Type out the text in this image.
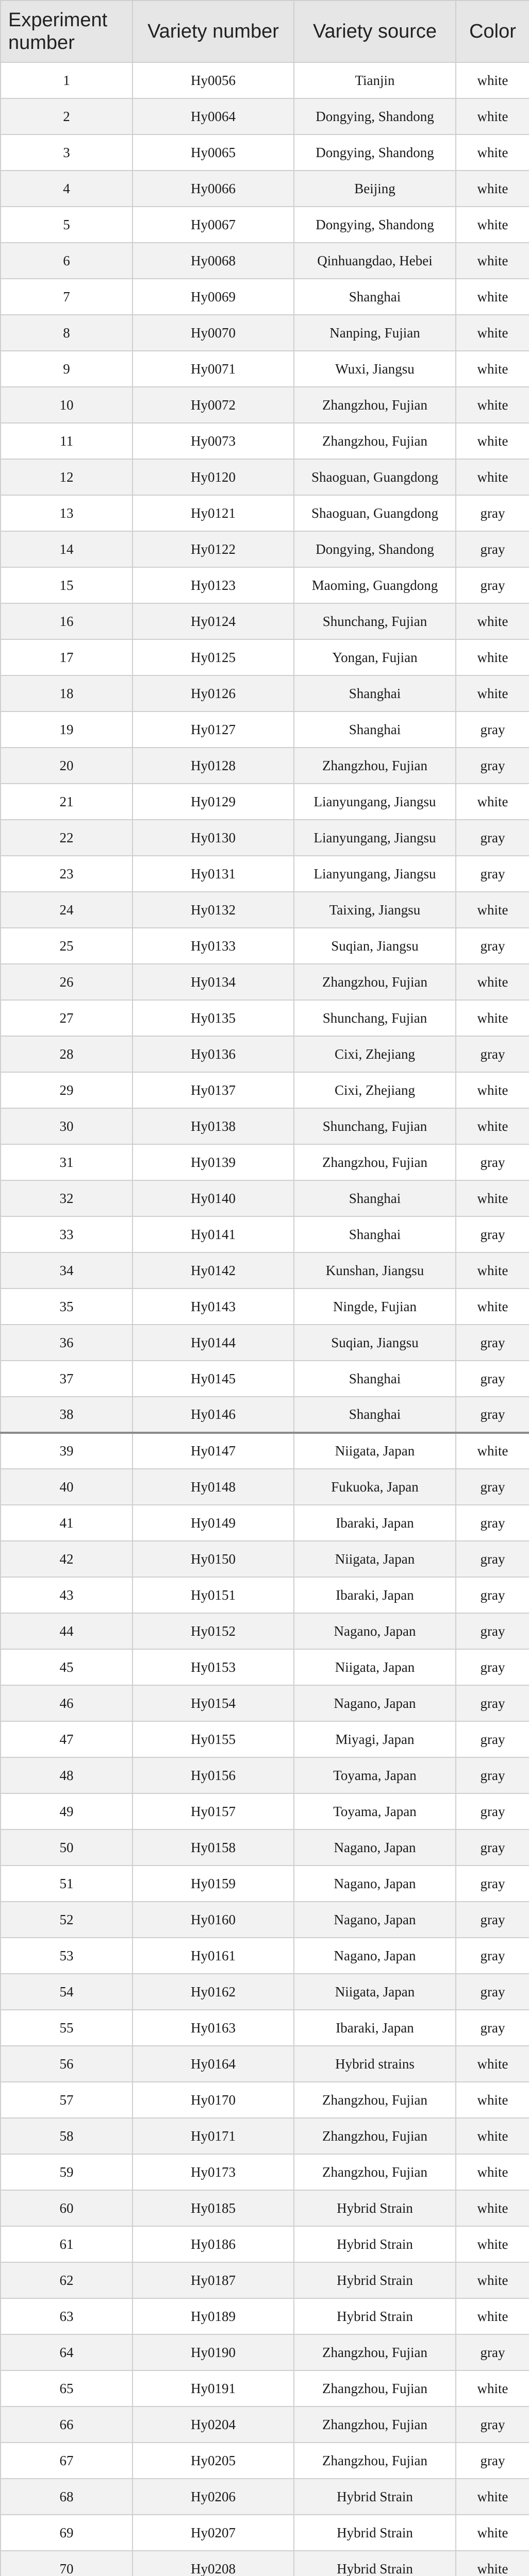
Experiment number	Variety number	Variety source	Color
1	Hy0056	Tianjin	white
2	Hy0064	Dongying, Shandong	white
3	Hy0065	Dongying, Shandong	white
4	Hy0066	Beijing	white
5	Hy0067	Dongying, Shandong	white
6	Hy0068	Qinhuangdao, Hebei	white
7	Hy0069	Shanghai	white
8	Hy0070	Nanping, Fujian	white
9	Hy0071	Wuxi, Jiangsu	white
10	Hy0072	Zhangzhou, Fujian	white
11	Hy0073	Zhangzhou, Fujian	white
12	Hy0120	Shaoguan, Guangdong	white
13	Hy0121	Shaoguan, Guangdong	gray
14	Hy0122	Dongying, Shandong	gray
15	Hy0123	Maoming, Guangdong	gray
16	Hy0124	Shunchang, Fujian	white
17	Hy0125	Yongan, Fujian	white
18	Hy0126	Shanghai	white
19	Hy0127	Shanghai	gray
20	Hy0128	Zhangzhou, Fujian	gray
21	Hy0129	Lianyungang, Jiangsu	white
22	Hy0130	Lianyungang, Jiangsu	gray
23	Hy0131	Lianyungang, Jiangsu	gray
24	Hy0132	Taixing, Jiangsu	white
25	Hy0133	Suqian, Jiangsu	gray
26	Hy0134	Zhangzhou, Fujian	white
27	Hy0135	Shunchang, Fujian	white
28	Hy0136	Cixi, Zhejiang	gray
29	Hy0137	Cixi, Zhejiang	white
30	Hy0138	Shunchang, Fujian	white
31	Hy0139	Zhangzhou, Fujian	gray
32	Hy0140	Shanghai	white
33	Hy0141	Shanghai	gray
34	Hy0142	Kunshan, Jiangsu	white
35	Hy0143	Ningde, Fujian	white
36	Hy0144	Suqian, Jiangsu	gray
37	Hy0145	Shanghai	gray
38	Hy0146	Shanghai	gray
39	Hy0147	Niigata, Japan	white
40	Hy0148	Fukuoka, Japan	gray
41	Hy0149	Ibaraki, Japan	gray
42	Hy0150	Niigata, Japan	gray
43	Hy0151	Ibaraki, Japan	gray
44	Hy0152	Nagano, Japan	gray
45	Hy0153	Niigata, Japan	gray
46	Hy0154	Nagano, Japan	gray
47	Hy0155	Miyagi, Japan	gray
48	Hy0156	Toyama, Japan	gray
49	Hy0157	Toyama, Japan	gray
50	Hy0158	Nagano, Japan	gray
51	Hy0159	Nagano, Japan	gray
52	Hy0160	Nagano, Japan	gray
53	Hy0161	Nagano, Japan	gray
54	Hy0162	Niigata, Japan	gray
55	Hy0163	Ibaraki, Japan	gray
56	Hy0164	Hybrid strains	white
57	Hy0170	Zhangzhou, Fujian	white
58	Hy0171	Zhangzhou, Fujian	white
59	Hy0173	Zhangzhou, Fujian	white
60	Hy0185	Hybrid Strain	white
61	Hy0186	Hybrid Strain	white
62	Hy0187	Hybrid Strain	white
63	Hy0189	Hybrid Strain	white
64	Hy0190	Zhangzhou, Fujian	gray
65	Hy0191	Zhangzhou, Fujian	white
66	Hy0204	Zhangzhou, Fujian	gray
67	Hy0205	Zhangzhou, Fujian	gray
68	Hy0206	Hybrid Strain	white
69	Hy0207	Hybrid Strain	white
70	Hy0208	Hybrid Strain	white
